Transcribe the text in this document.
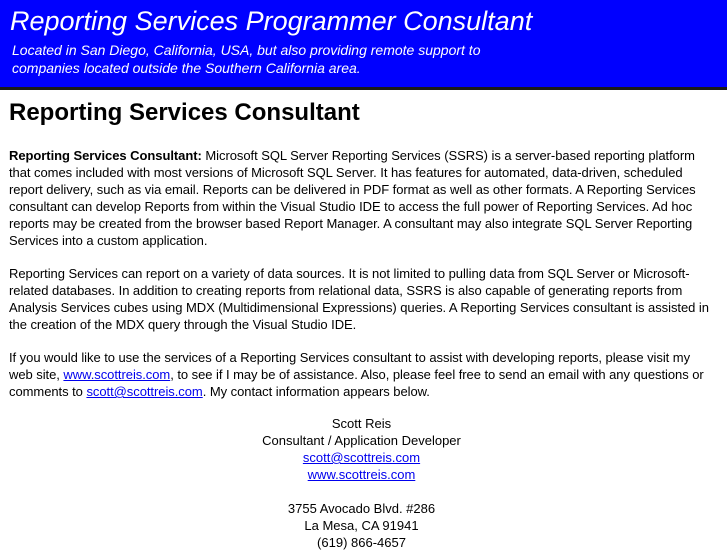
Reporting Services Programmer Consultant
Located in San Diego, California, USA, but also providing remote support to
companies located outside the Southern California area.
Reporting Services Consultant

Reporting Services Consultant: Microsoft SQL Server Reporting Services (SSRS) is a server-based reporting platform that comes included with most versions of Microsoft SQL Server. It has features for automated, data-driven, scheduled report delivery, such as via email. Reports can be delivered in PDF format as well as other formats. A Reporting Services consultant can develop Reports from within the Visual Studio IDE to access the full power of Reporting Services. Ad hoc reports may be created from the browser based Report Manager. A consultant may also integrate SQL Server Reporting Services into a custom application.

Reporting Services can report on a variety of data sources. It is not limited to pulling data from SQL Server or Microsoft-related databases. In addition to creating reports from relational data, SSRS is also capable of generating reports from Analysis Services cubes using MDX (Multidimensional Expressions) queries. A Reporting Services consultant is assisted in the creation of the MDX query through the Visual Studio IDE.

If you would like to use the services of a Reporting Services consultant to assist with developing reports, please visit my web site, www.scottreis.com, to see if I may be of assistance. Also, please feel free to send an email with any questions or comments to scott@scottreis.com. My contact information appears below.

Scott Reis
Consultant / Application Developer
scott@scottreis.com
www.scottreis.com
3755 Avocado Blvd. #286
La Mesa, CA 91941
(619) 866-4657
